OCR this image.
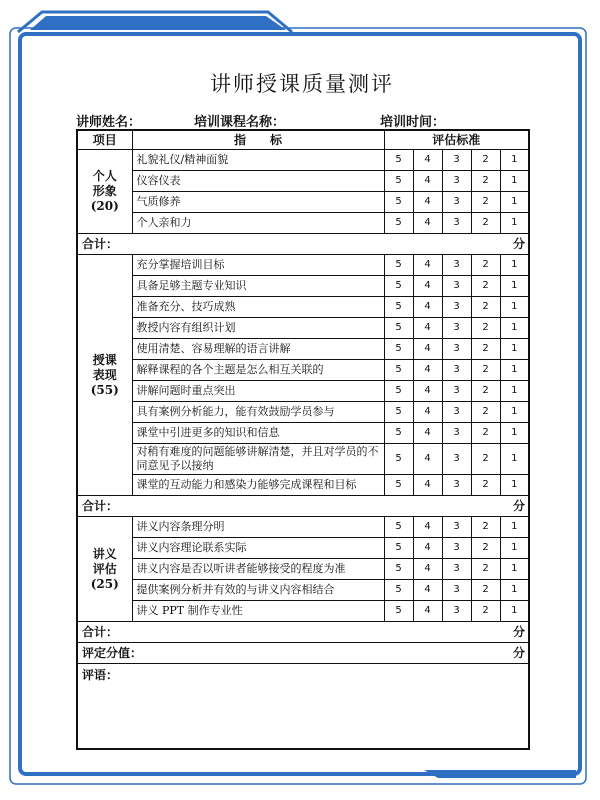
讲师授课质量测评
讲师姓名：	培训课程名称：	培训时间：
项目	指　　标	评估标准				

个人
形象
(20)	礼貌礼仪/精神面貌	5	4	3	2	1
	仪容仪表	5	4	3	2	1
	气质修养	5	4	3	2	1
	个人亲和力	5	4	3	2	1
合计： 分						

授课
表现
(55)	充分掌握培训目标	5	4	3	2	1
	具备足够主题专业知识	5	4	3	2	1
	准备充分、技巧成熟	5	4	3	2	1
	教授内容有组织计划	5	4	3	2	1
	使用清楚、容易理解的语言讲解	5	4	3	2	1
	解释课程的各个主题是怎么相互关联的	5	4	3	2	1
	讲解问题时重点突出	5	4	3	2	1
	具有案例分析能力，能有效鼓励学员参与	5	4	3	2	1
	课堂中引进更多的知识和信息	5	4	3	2	1
	对稍有难度的问题能够讲解清楚，并且对学员的不同意见予以接纳	5	4	3	2	1
	课堂的互动能力和感染力能够完成课程和目标	5	4	3	2	1
合计： 分						

讲义
评估
(25)	讲义内容条理分明	5	4	3	2	1
	讲义内容理论联系实际	5	4	3	2	1
	讲义内容是否以听讲者能够接受的程度为准	5	4	3	2	1
	提供案例分析并有效的与讲义内容相结合	5	4	3	2	1
	讲义 PPT 制作专业性	5	4	3	2	1
合计： 分						

评定分值： 分						

评语：						
